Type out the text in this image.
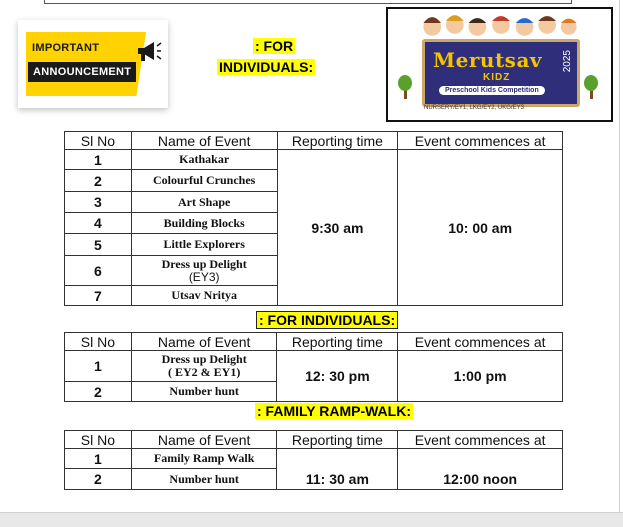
IMPORTANT
ANNOUNCEMENT
: FOR
INDIVIDUALS:	Merutsav
KIDZ
2025
Preschool Kids Competition
NURSERY/EY1, LKG/EY2, UKG/EY3
Sl No	Name of Event	Reporting time	Event commences at
1	Kathakar	9:30 am	10: 00 am
2	Colourful Crunches		
3	Art Shape		
4	Building Blocks		
5	Little Explorers		
6	Dress up Delight
(EY3)		

7	Utsav Nritya		
: FOR INDIVIDUALS:
Sl No	Name of Event	Reporting time	Event commences at
1	Dress up Delight
( EY2 & EY1)	12: 30 pm	1:00 pm
2	Number hunt		
: FAMILY RAMP-WALK:
Sl No	Name of Event	Reporting time	Event commences at
1	Family Ramp Walk	11: 30 am	12:00 noon
2	Number hunt		
